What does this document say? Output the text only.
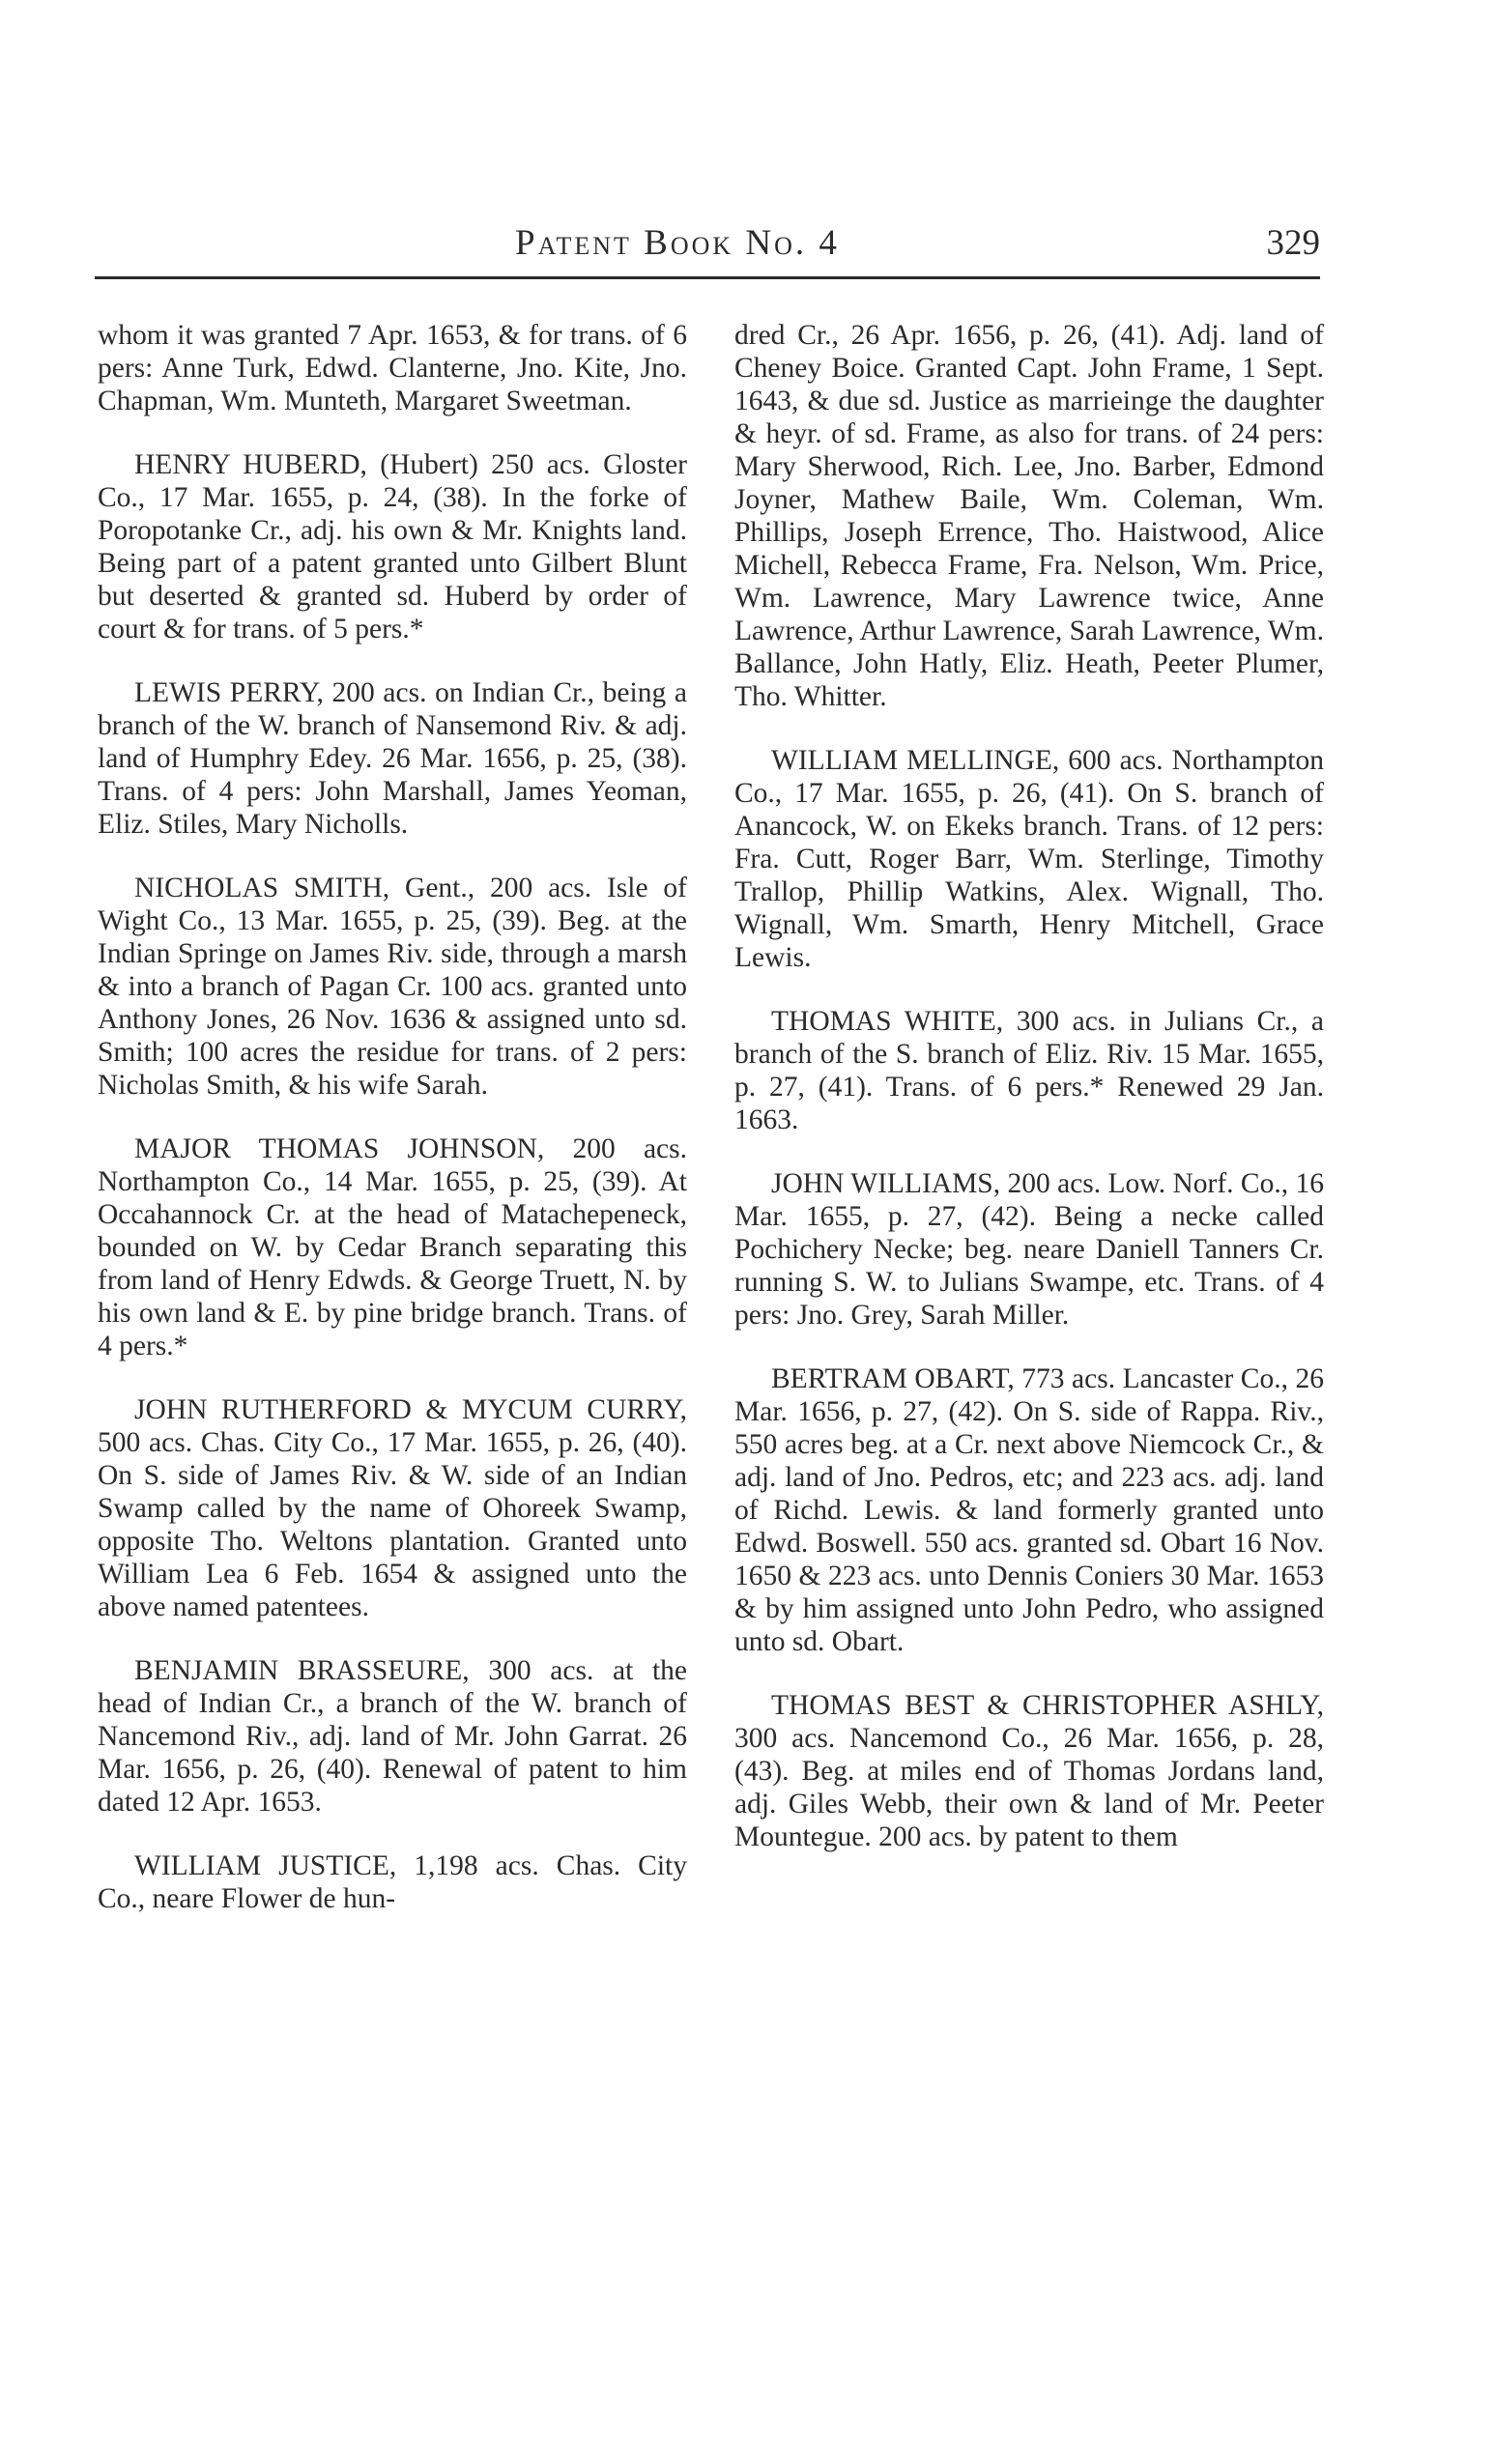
Patent Book No. 4	329

whom it was granted 7 Apr. 1653, & for trans. of 6 pers: Anne Turk, Edwd. Clanterne, Jno. Kite, Jno. Chapman, Wm. Munteth, Margaret Sweetman.

HENRY HUBERD, (Hubert) 250 acs. Gloster Co., 17 Mar. 1655, p. 24, (38). In the forke of Poropotanke Cr., adj. his own & Mr. Knights land. Being part of a patent granted unto Gilbert Blunt but deserted & granted sd. Huberd by order of court & for trans. of 5 pers.*

LEWIS PERRY, 200 acs. on Indian Cr., being a branch of the W. branch of Nansemond Riv. & adj. land of Humphry Edey. 26 Mar. 1656, p. 25, (38). Trans. of 4 pers: John Marshall, James Yeoman, Eliz. Stiles, Mary Nicholls.

NICHOLAS SMITH, Gent., 200 acs. Isle of Wight Co., 13 Mar. 1655, p. 25, (39). Beg. at the Indian Springe on James Riv. side, through a marsh & into a branch of Pagan Cr. 100 acs. granted unto Anthony Jones, 26 Nov. 1636 & assigned unto sd. Smith; 100 acres the residue for trans. of 2 pers: Nicholas Smith, & his wife Sarah.

MAJOR THOMAS JOHNSON, 200 acs. Northampton Co., 14 Mar. 1655, p. 25, (39). At Occahannock Cr. at the head of Matachepeneck, bounded on W. by Cedar Branch separating this from land of Henry Edwds. & George Truett, N. by his own land & E. by pine bridge branch. Trans. of 4 pers.*

JOHN RUTHERFORD & MYCUM CURRY, 500 acs. Chas. City Co., 17 Mar. 1655, p. 26, (40). On S. side of James Riv. & W. side of an Indian Swamp called by the name of Ohoreek Swamp, opposite Tho. Weltons plantation. Granted unto William Lea 6 Feb. 1654 & assigned unto the above named patentees.

BENJAMIN BRASSEURE, 300 acs. at the head of Indian Cr., a branch of the W. branch of Nancemond Riv., adj. land of Mr. John Garrat. 26 Mar. 1656, p. 26, (40). Renewal of patent to him dated 12 Apr. 1653.

WILLIAM JUSTICE, 1,198 acs. Chas. City Co., neare Flower de hun-

dred Cr., 26 Apr. 1656, p. 26, (41). Adj. land of Cheney Boice. Granted Capt. John Frame, 1 Sept. 1643, & due sd. Justice as marrieinge the daughter & heyr. of sd. Frame, as also for trans. of 24 pers: Mary Sherwood, Rich. Lee, Jno. Barber, Edmond Joyner, Mathew Baile, Wm. Coleman, Wm. Phillips, Joseph Errence, Tho. Haistwood, Alice Michell, Rebecca Frame, Fra. Nelson, Wm. Price, Wm. Lawrence, Mary Lawrence twice, Anne Lawrence, Arthur Lawrence, Sarah Lawrence, Wm. Ballance, John Hatly, Eliz. Heath, Peeter Plumer, Tho. Whitter.

WILLIAM MELLINGE, 600 acs. Northampton Co., 17 Mar. 1655, p. 26, (41). On S. branch of Anancock, W. on Ekeks branch. Trans. of 12 pers: Fra. Cutt, Roger Barr, Wm. Sterlinge, Timothy Trallop, Phillip Watkins, Alex. Wignall, Tho. Wignall, Wm. Smarth, Henry Mitchell, Grace Lewis.

THOMAS WHITE, 300 acs. in Julians Cr., a branch of the S. branch of Eliz. Riv. 15 Mar. 1655, p. 27, (41). Trans. of 6 pers.* Renewed 29 Jan. 1663.

JOHN WILLIAMS, 200 acs. Low. Norf. Co., 16 Mar. 1655, p. 27, (42). Being a necke called Pochichery Necke; beg. neare Daniell Tanners Cr. running S. W. to Julians Swampe, etc. Trans. of 4 pers: Jno. Grey, Sarah Miller.

BERTRAM OBART, 773 acs. Lancaster Co., 26 Mar. 1656, p. 27, (42). On S. side of Rappa. Riv., 550 acres beg. at a Cr. next above Niemcock Cr., & adj. land of Jno. Pedros, etc; and 223 acs. adj. land of Richd. Lewis. & land formerly granted unto Edwd. Boswell. 550 acs. granted sd. Obart 16 Nov. 1650 & 223 acs. unto Dennis Coniers 30 Mar. 1653 & by him assigned unto John Pedro, who assigned unto sd. Obart.

THOMAS BEST & CHRISTOPHER ASHLY, 300 acs. Nancemond Co., 26 Mar. 1656, p. 28, (43). Beg. at miles end of Thomas Jordans land, adj. Giles Webb, their own & land of Mr. Peeter Mountegue. 200 acs. by patent to them
